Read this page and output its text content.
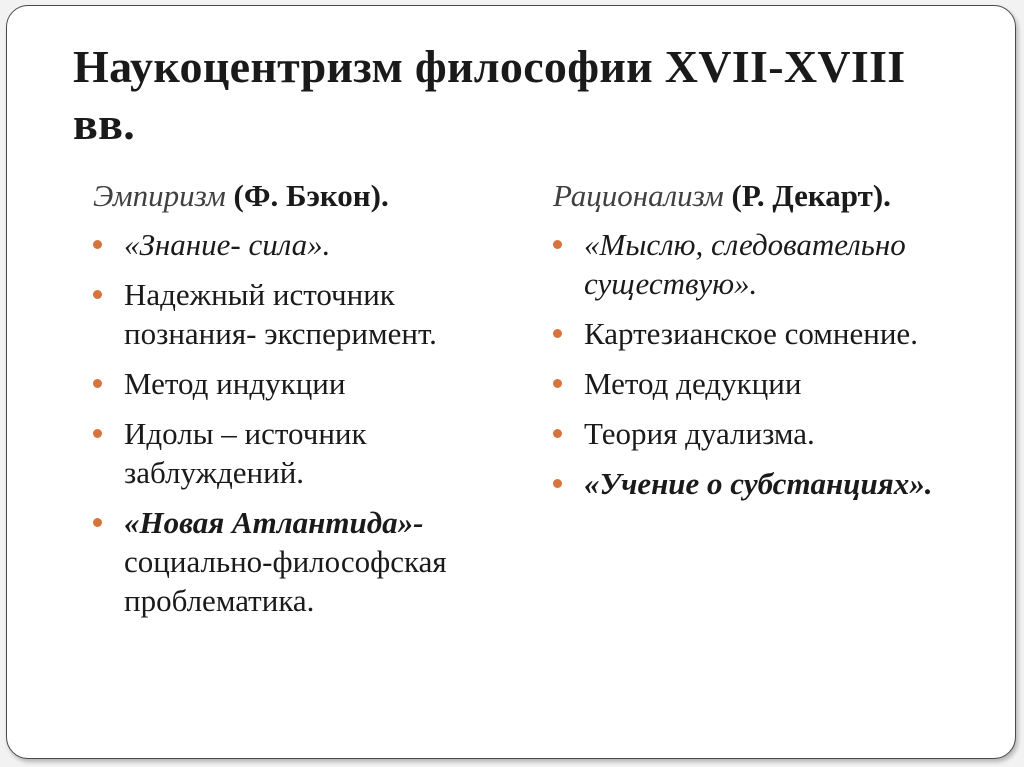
Наукоцентризм философии XVII-XVIII вв.
Эмпиризм (Ф. Бэкон).
«Знание- сила».
Надежный источник познания- эксперимент.
Метод индукции
Идолы – источник заблуждений.
«Новая Атлантида»-
социально-философская проблематика.
Рационализм (Р. Декарт).
«Мыслю, следовательно существую».
Картезианское сомнение.
Метод дедукции
Теория дуализма.
«Учение о субстанциях».
